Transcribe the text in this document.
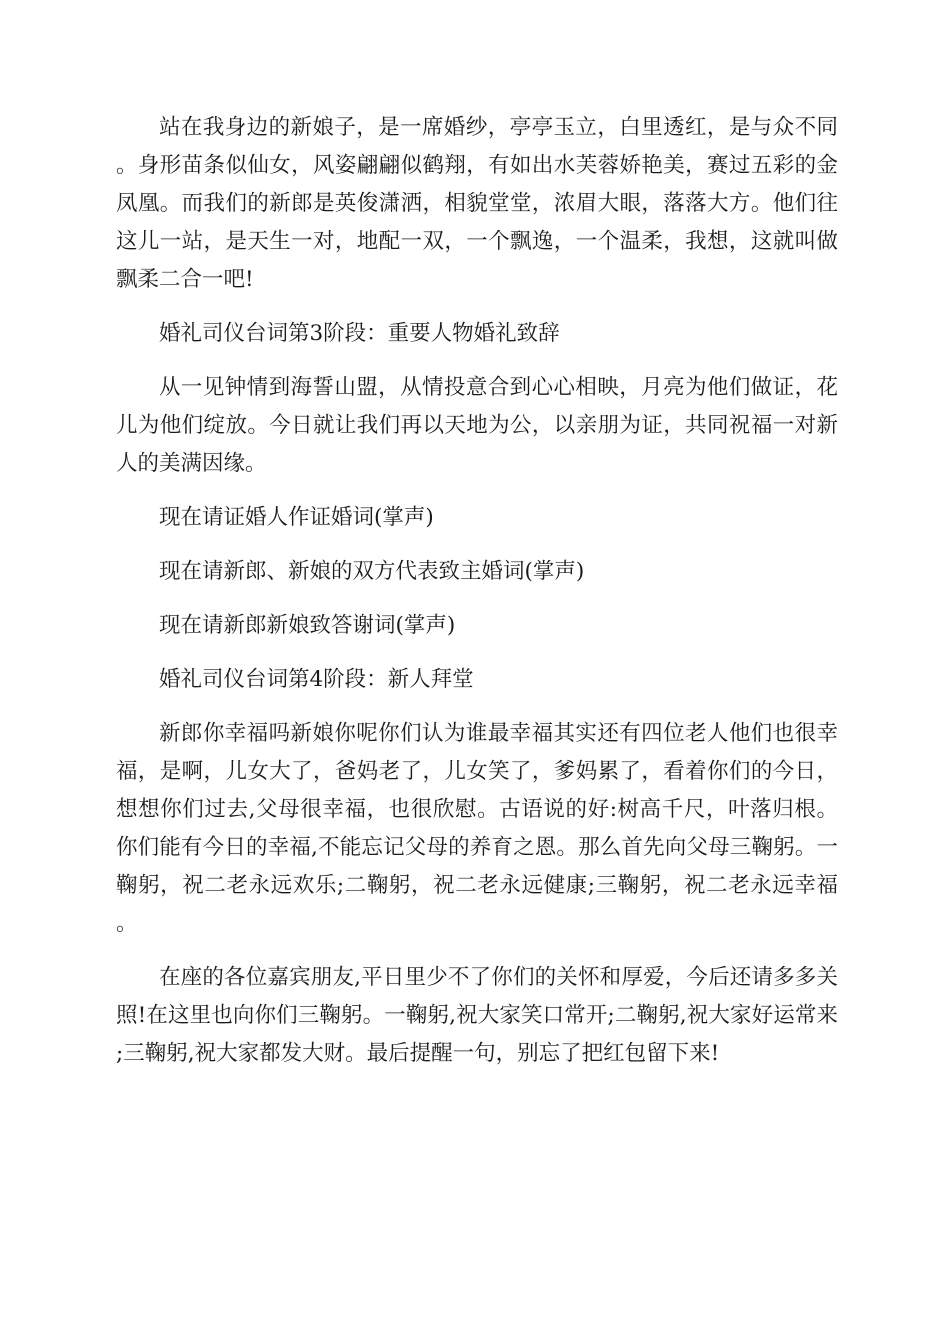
站在我身边的新娘子，是一席婚纱，亭亭玉立，白里透红，是与众不同。身形苗条似仙女，风姿翩翩似鹤翔，有如出水芙蓉娇艳美，赛过五彩的金凤凰。而我们的新郎是英俊潇洒，相貌堂堂，浓眉大眼，落落大方。他们往这儿一站，是天生一对，地配一双，一个飘逸，一个温柔，我想，这就叫做飘柔二合一吧!

婚礼司仪台词第3阶段：重要人物婚礼致辞

从一见钟情到海誓山盟，从情投意合到心心相映，月亮为他们做证，花儿为他们绽放。今日就让我们再以天地为公，以亲朋为证，共同祝福一对新人的美满因缘。

现在请证婚人作证婚词(掌声)

现在请新郎、新娘的双方代表致主婚词(掌声)

现在请新郎新娘致答谢词(掌声)

婚礼司仪台词第4阶段：新人拜堂

新郎你幸福吗新娘你呢你们认为谁最幸福其实还有四位老人他们也很幸福，是啊，儿女大了，爸妈老了，儿女笑了，爹妈累了，看着你们的今日，想想你们过去,父母很幸福，也很欣慰。古语说的好:树高千尺，叶落归根。你们能有今日的幸福,不能忘记父母的养育之恩。那么首先向父母三鞠躬。一鞠躬，祝二老永远欢乐;二鞠躬，祝二老永远健康;三鞠躬，祝二老永远幸福。

在座的各位嘉宾朋友,平日里少不了你们的关怀和厚爱，今后还请多多关照!在这里也向你们三鞠躬。一鞠躬,祝大家笑口常开;二鞠躬,祝大家好运常来;三鞠躬,祝大家都发大财。最后提醒一句，别忘了把红包留下来!
